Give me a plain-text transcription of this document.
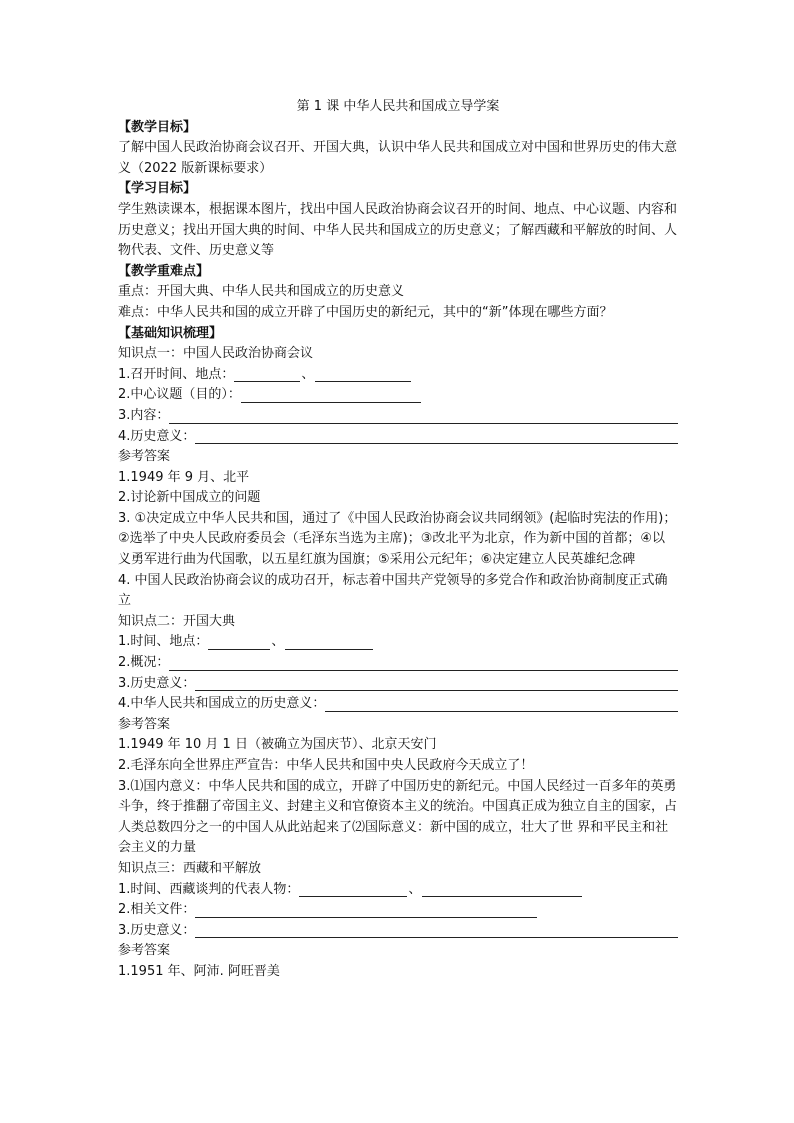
第 1 课 中华人民共和国成立导学案
【教学目标】
了解中国人民政治协商会议召开、开国大典，认识中华人民共和国成立对中国和世界历史的伟大意义（2022 版新课标要求）
【学习目标】
学生熟读课本，根据课本图片，找出中国人民政治协商会议召开的时间、地点、中心议题、内容和历史意义；找出开国大典的时间、中华人民共和国成立的历史意义；了解西藏和平解放的时间、人物代表、文件、历史意义等
【教学重难点】
重点：开国大典、中华人民共和国成立的历史意义
难点：中华人民共和国的成立开辟了中国历史的新纪元，其中的“新”体现在哪些方面？
【基础知识梳理】
知识点一：中国人民政治协商会议
1.召开时间、地点：	、
2.中心议题（目的）：
3.内容：
4.历史意义：
参考答案
1.1949 年 9 月、北平
2.讨论新中国成立的问题
3. ①决定成立中华人民共和国，通过了《中国人民政治协商会议共同纲领》(起临时宪法的作用)；②选举了中央人民政府委员会（毛泽东当选为主席)；③改北平为北京，作为新中国的首都；④以义勇军进行曲为代国歌，以五星红旗为国旗；⑤采用公元纪年；⑥决定建立人民英雄纪念碑
4. 中国人民政治协商会议的成功召开，标志着中国共产党领导的多党合作和政治协商制度正式确立
知识点二：开国大典
1.时间、地点：	、
2.概况：
3.历史意义：
4.中华人民共和国成立的历史意义：
参考答案
1.1949 年 10 月 1 日（被确立为国庆节）、北京天安门
2.毛泽东向全世界庄严宣告：中华人民共和国中央人民政府今天成立了！
3.⑴国内意义：中华人民共和国的成立，开辟了中国历史的新纪元。中国人民经过一百多年的英勇斗争，终于推翻了帝国主义、封建主义和官僚资本主义的统治。中国真正成为独立自主的国家，占人类总数四分之一的中国人从此站起来了⑵国际意义：新中国的成立，壮大了世 界和平民主和社会主义的力量
知识点三：西藏和平解放
1.时间、西藏谈判的代表人物：	、
2.相关文件：
3.历史意义：
参考答案
1.1951 年、阿沛. 阿旺晋美
